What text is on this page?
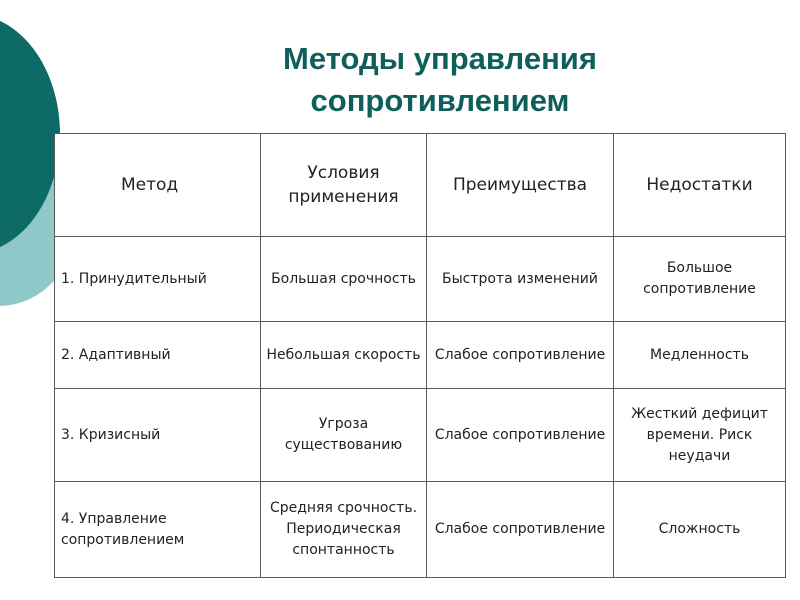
Методы управления
сопротивлением
Метод	Условия применения	Преимущества	Недостатки
1. Принудительный	Большая срочность	Быстрота изменений	Большое сопротивление
2. Адаптивный	Небольшая скорость	Слабое сопротивление	Медленность
3. Кризисный	Угроза существованию	Слабое сопротивление	Жесткий дефицит времени. Риск неудачи
4. Управление сопротивлением	Средняя срочность. Периодическая спонтанность	Слабое сопротивление	Сложность
